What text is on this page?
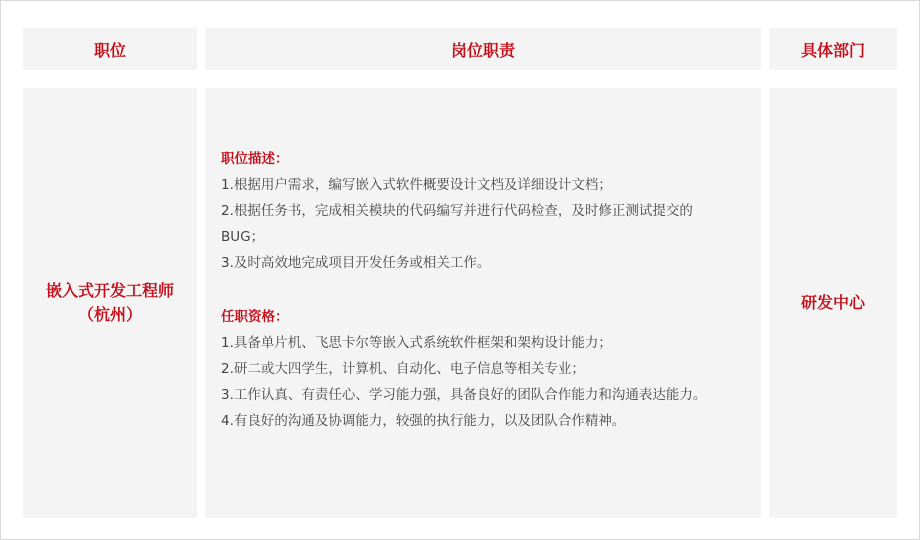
职位	岗位职责	具体部门
嵌入式开发工程师
（杭州）
职位描述：
1.根据用户需求，编写嵌入式软件概要设计文档及详细设计文档；
2.根据任务书，完成相关模块的代码编写并进行代码检查，及时修正测试提交的BUG；
3.及时高效地完成项目开发任务或相关工作。
任职资格：
1.具备单片机、飞思卡尔等嵌入式系统软件框架和架构设计能力；
2.研二或大四学生，计算机、自动化、电子信息等相关专业；
3.工作认真、有责任心、学习能力强，具备良好的团队合作能力和沟通表达能力。
4.有良好的沟通及协调能力，较强的执行能力，以及团队合作精神。
研发中心
